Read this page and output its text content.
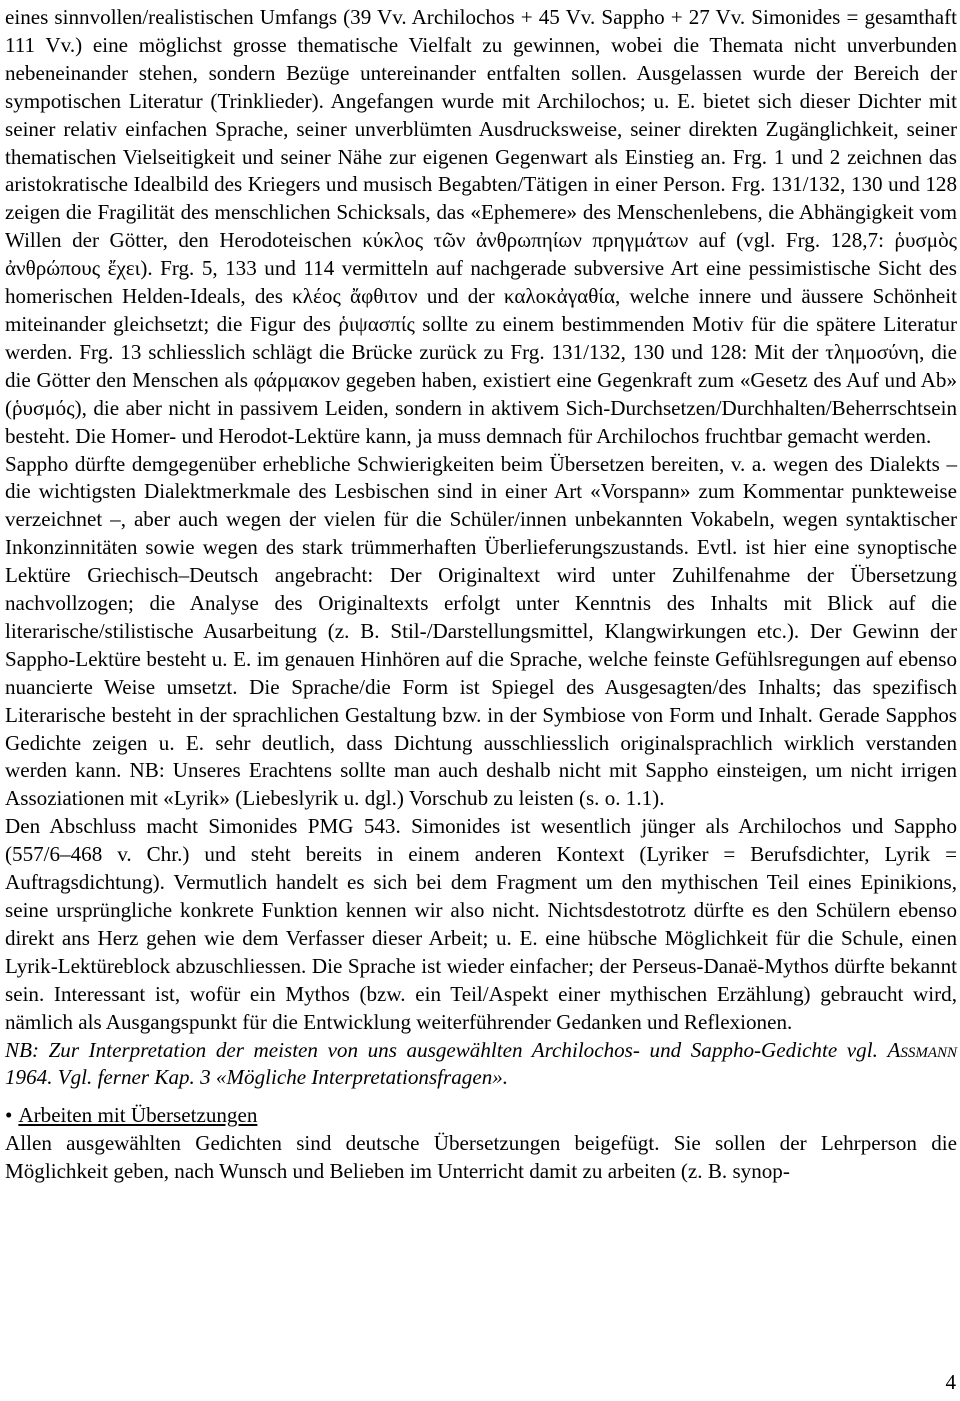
eines sinnvollen/realistischen Umfangs (39 Vv. Archilochos + 45 Vv. Sappho + 27 Vv. Simonides = gesamthaft 111 Vv.) eine möglichst grosse thematische Vielfalt zu gewinnen, wobei die Themata nicht unverbunden nebeneinander stehen, sondern Bezüge untereinander entfalten sollen. Ausgelassen wurde der Bereich der sympotischen Literatur (Trinklieder). Angefangen wurde mit Archilochos; u. E. bietet sich dieser Dichter mit seiner relativ einfachen Sprache, seiner unverblümten Ausdrucksweise, seiner direkten Zugänglichkeit, seiner thematischen Vielseitigkeit und seiner Nähe zur eigenen Gegenwart als Einstieg an. Frg. 1 und 2 zeichnen das aristokratische Idealbild des Kriegers und musisch Begabten/Tätigen in einer Person. Frg. 131/132, 130 und 128 zeigen die Fragilität des menschlichen Schicksals, das «Ephemere» des Menschenlebens, die Abhängigkeit vom Willen der Götter, den Herodoteischen κύκλος τῶν ἀνθρωπηίων πρηγμάτων auf (vgl. Frg. 128,7: ῥυσμὸς ἀνθρώπους ἔχει). Frg. 5, 133 und 114 vermitteln auf nachgerade subversive Art eine pessimistische Sicht des homerischen Helden-Ideals, des κλέος ἄφθιτον und der καλοκἀγαθία, welche innere und äussere Schönheit miteinander gleichsetzt; die Figur des ῥιψασπίς sollte zu einem bestimmenden Motiv für die spätere Literatur werden. Frg. 13 schliesslich schlägt die Brücke zurück zu Frg. 131/132, 130 und 128: Mit der τλημοσύνη, die die Götter den Menschen als φάρμακον gegeben haben, existiert eine Gegenkraft zum «Gesetz des Auf und Ab» (ῥυσμός), die aber nicht in passivem Leiden, sondern in aktivem Sich-Durchsetzen/Durchhalten/Beherrschtsein besteht. Die Homer- und Herodot-Lektüre kann, ja muss demnach für Archilochos fruchtbar gemacht werden.

Sappho dürfte demgegenüber erhebliche Schwierigkeiten beim Übersetzen bereiten, v. a. wegen des Dialekts – die wichtigsten Dialektmerkmale des Lesbischen sind in einer Art «Vorspann» zum Kommentar punkteweise verzeichnet –, aber auch wegen der vielen für die Schüler/innen unbekannten Vokabeln, wegen syntaktischer Inkonzinnitäten sowie wegen des stark trümmerhaften Überlieferungszustands. Evtl. ist hier eine synoptische Lektüre Griechisch–Deutsch angebracht: Der Originaltext wird unter Zuhilfenahme der Übersetzung nachvollzogen; die Analyse des Originaltexts erfolgt unter Kenntnis des Inhalts mit Blick auf die literarische/stilistische Ausarbeitung (z. B. Stil-/Darstellungsmittel, Klangwirkungen etc.). Der Gewinn der Sappho-Lektüre besteht u. E. im genauen Hinhören auf die Sprache, welche feinste Gefühlsregungen auf ebenso nuancierte Weise umsetzt. Die Sprache/die Form ist Spiegel des Ausgesagten/des Inhalts; das spezifisch Literarische besteht in der sprachlichen Gestaltung bzw. in der Symbiose von Form und Inhalt. Gerade Sapphos Gedichte zeigen u. E. sehr deutlich, dass Dichtung ausschliesslich originalsprachlich wirklich verstanden werden kann. NB: Unseres Erachtens sollte man auch deshalb nicht mit Sappho einsteigen, um nicht irrigen Assoziationen mit «Lyrik» (Liebeslyrik u. dgl.) Vorschub zu leisten (s. o. 1.1).

Den Abschluss macht Simonides PMG 543. Simonides ist wesentlich jünger als Archilochos und Sappho (557/6–468 v. Chr.) und steht bereits in einem anderen Kontext (Lyriker = Berufsdichter, Lyrik = Auftragsdichtung). Vermutlich handelt es sich bei dem Fragment um den mythischen Teil eines Epinikions, seine ursprüngliche konkrete Funktion kennen wir also nicht. Nichtsdestotrotz dürfte es den Schülern ebenso direkt ans Herz gehen wie dem Verfasser dieser Arbeit; u. E. eine hübsche Möglichkeit für die Schule, einen Lyrik-Lektüreblock abzuschliessen. Die Sprache ist wieder einfacher; der Perseus-Danaë-Mythos dürfte bekannt sein. Interessant ist, wofür ein Mythos (bzw. ein Teil/Aspekt einer mythischen Erzählung) gebraucht wird, nämlich als Ausgangspunkt für die Entwicklung weiterführender Gedanken und Reflexionen.

NB: Zur Interpretation der meisten von uns ausgewählten Archilochos- und Sappho-Gedichte vgl. Assmann 1964. Vgl. ferner Kap. 3 «Mögliche Interpretationsfragen».

• Arbeiten mit Übersetzungen

Allen ausgewählten Gedichten sind deutsche Übersetzungen beigefügt. Sie sollen der Lehrperson die Möglichkeit geben, nach Wunsch und Belieben im Unterricht damit zu arbeiten (z. B. synop-

4
